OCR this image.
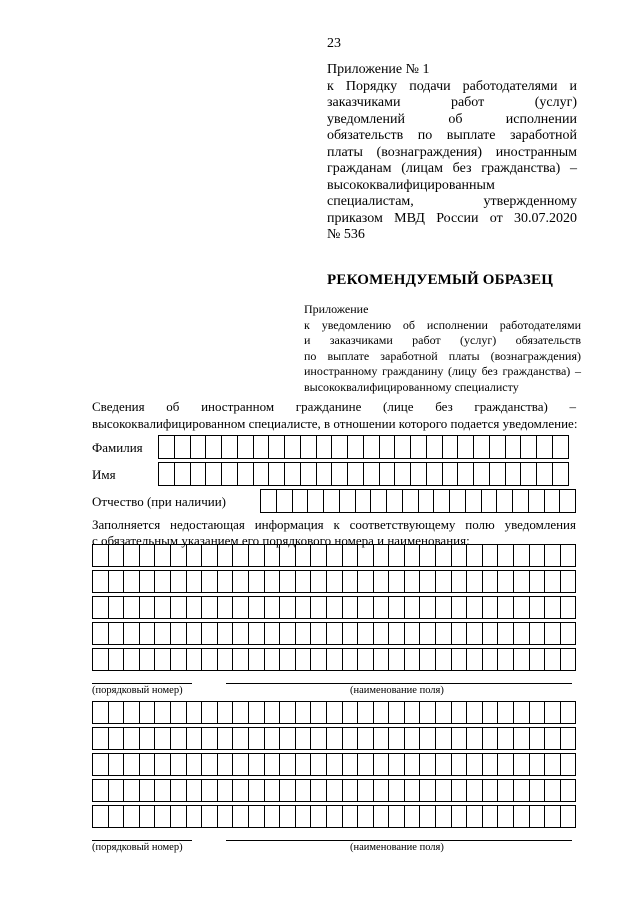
23
Приложение № 1
к Порядку подачи работодателями и
заказчиками работ (услуг)
уведомлений об исполнении
обязательств по выплате заработной
платы (вознаграждения) иностранным
гражданам (лицам без гражданства) –
высококвалифицированным
специалистам, утвержденному
приказом МВД России от 30.07.2020
№ 536
РЕКОМЕНДУЕМЫЙ ОБРАЗЕЦ
Приложение
к уведомлению об исполнении работодателями
и заказчиками работ (услуг) обязательств
по выплате заработной платы (вознаграждения)
иностранному гражданину (лицу без гражданства) –
высококвалифицированному специалисту
Сведения об иностранном гражданине (лице без гражданства) –
высококвалифицированном специалисте, в отношении которого подается уведомление:
Фамилия
Имя
Отчество (при наличии)
Заполняется недостающая информация к соответствующему полю уведомления
с обязательным указанием его порядкового номера и наименования:
(порядковый номер)	(наименование поля)
(порядковый номер)	(наименование поля)
